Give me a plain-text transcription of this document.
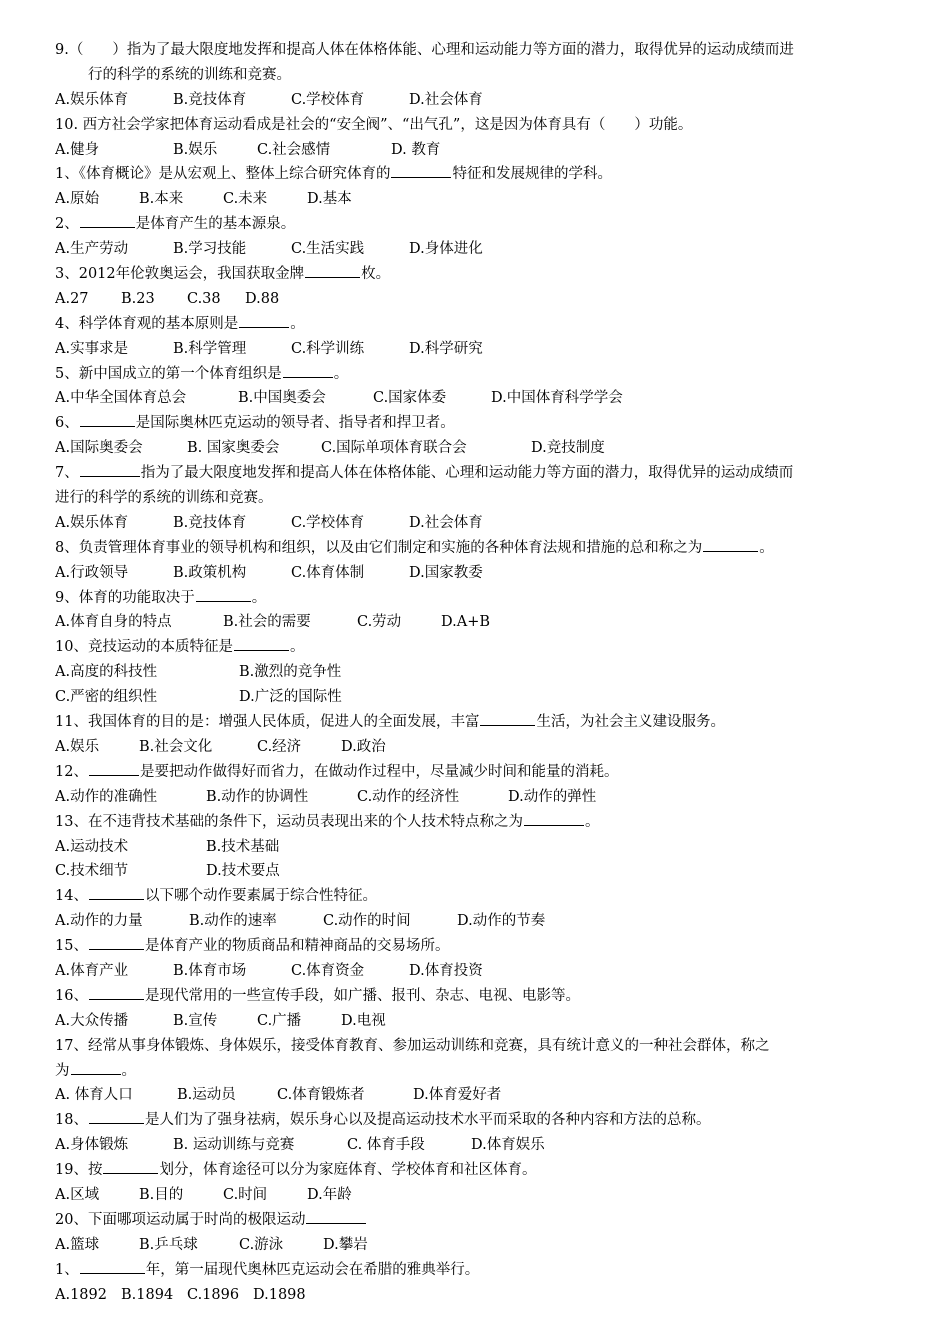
9.（　　）指为了最大限度地发挥和提高人体在体格体能、心理和运动能力等方面的潜力，取得优异的运动成绩而进
行的科学的系统的训练和竞赛。
A.娱乐体育	B.竞技体育	C.学校体育	D.社会体育
10. 西方社会学家把体育运动看成是社会的“安全阀”、“出气孔”，这是因为体育具有（　　）功能。
A.健身	B.娱乐	C.社会感情	D. 教育
1、《体育概论》是从宏观上、整体上综合研究体育的	特征和发展规律的学科。
A.原始	B.本来	C.未来	D.基本
2、	是体育产生的基本源泉。
A.生产劳动	B.学习技能	C.生活实践	D.身体进化
3、2012年伦敦奥运会，我国获取金牌	枚。
A.27	B.23	C.38	D.88
4、科学体育观的基本原则是	。
A.实事求是	B.科学管理	C.科学训练	D.科学研究
5、新中国成立的第一个体育组织是	。
A.中华全国体育总会	B.中国奥委会	C.国家体委	D.中国体育科学学会
6、	是国际奥林匹克运动的领导者、指导者和捍卫者。
A.国际奥委会	B. 国家奥委会	C.国际单项体育联合会	D.竞技制度
7、	指为了最大限度地发挥和提高人体在体格体能、心理和运动能力等方面的潜力，取得优异的运动成绩而
进行的科学的系统的训练和竞赛。
A.娱乐体育	B.竞技体育	C.学校体育	D.社会体育
8、负责管理体育事业的领导机构和组织，以及由它们制定和实施的各种体育法规和措施的总和称之为	。
A.行政领导	B.政策机构	C.体育体制	D.国家教委
9、体育的功能取决于	。
A.体育自身的特点	B.社会的需要	C.劳动	D.A+B
10、竞技运动的本质特征是	。
A.高度的科技性	B.激烈的竞争性
C.严密的组织性	D.广泛的国际性
11、我国体育的目的是：增强人民体质，促进人的全面发展，丰富	生活，为社会主义建设服务。
A.娱乐	B.社会文化	C.经济	D.政治
12、	是要把动作做得好而省力，在做动作过程中，尽量减少时间和能量的消耗。
A.动作的准确性	B.动作的协调性	C.动作的经济性	D.动作的弹性
13、在不违背技术基础的条件下，运动员表现出来的个人技术特点称之为	。
A.运动技术	B.技术基础
C.技术细节	D.技术要点
14、	以下哪个动作要素属于综合性特征。
A.动作的力量	B.动作的速率	C.动作的时间	D.动作的节奏
15、	是体育产业的物质商品和精神商品的交易场所。
A.体育产业	B.体育市场	C.体育资金	D.体育投资
16、	是现代常用的一些宣传手段，如广播、报刊、杂志、电视、电影等。
A.大众传播	B.宣传	C.广播	D.电视
17、经常从事身体锻炼、身体娱乐，接受体育教育、参加运动训练和竞赛，具有统计意义的一种社会群体，称之
为	。
A. 体育人口	B.运动员	C.体育锻炼者	D.体育爱好者
18、	是人们为了强身祛病，娱乐身心以及提高运动技术水平而采取的各种内容和方法的总称。
A.身体锻炼	B. 运动训练与竞赛	C. 体育手段	D.体育娱乐
19、按	划分，体育途径可以分为家庭体育、学校体育和社区体育。
A.区域	B.目的	C.时间	D.年龄
20、下面哪项运动属于时尚的极限运动
A.篮球	B.乒乓球	C.游泳	D.攀岩
1、	年，第一届现代奥林匹克运动会在希腊的雅典举行。
A.1892 B.1894 C.1896 D.1898
